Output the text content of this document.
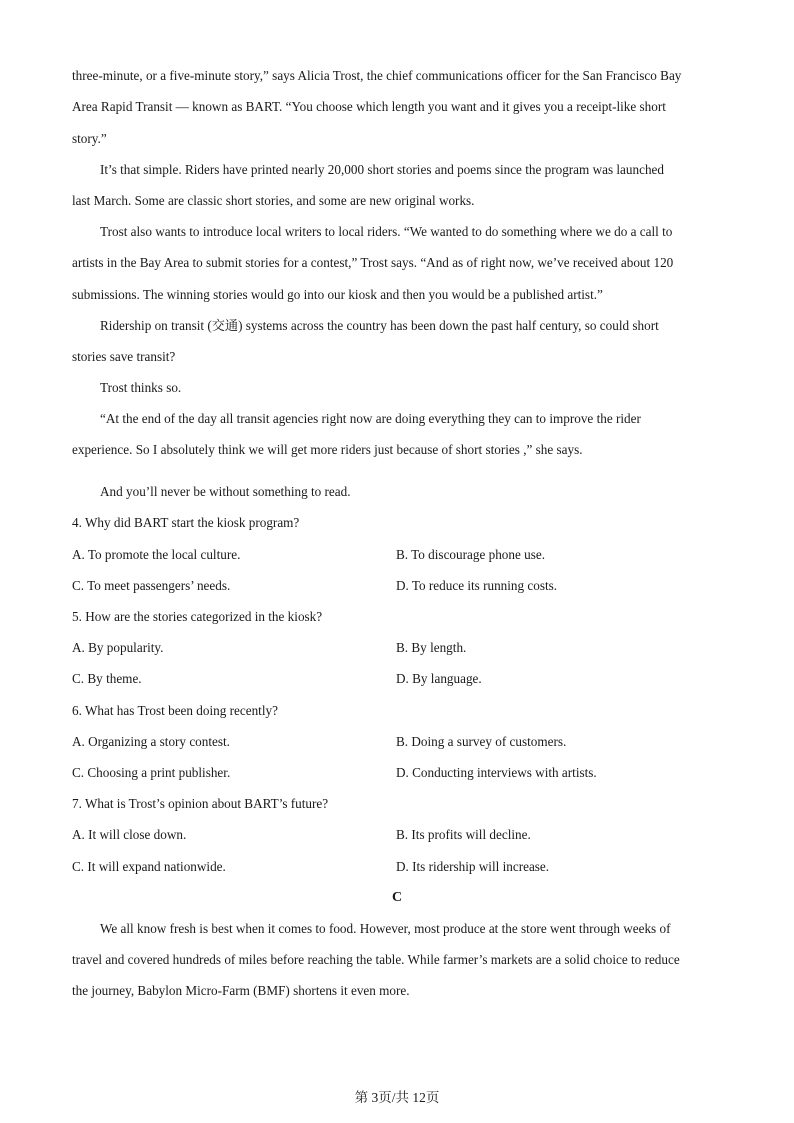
three-minute, or a five-minute story,” says Alicia Trost, the chief communications officer for the San Francisco Bay
Area Rapid Transit — known as BART. “You choose which length you want and it gives you a receipt-like short
story.”
It’s that simple. Riders have printed nearly 20,000 short stories and poems since the program was launched
last March. Some are classic short stories, and some are new original works.
Trost also wants to introduce local writers to local riders. “We wanted to do something where we do a call to
artists in the Bay Area to submit stories for a contest,” Trost says. “And as of right now, we’ve received about 120
submissions. The winning stories would go into our kiosk and then you would be a published artist.”
Ridership on transit (交通) systems across the country has been down the past half century, so could short
stories save transit?
Trost thinks so.
“At the end of the day all transit agencies right now are doing everything they can to improve the rider
experience. So I absolutely think we will get more riders just because of short stories ,” she says.
And you’ll never be without something to read.
4. Why did BART start the kiosk program?
A. To promote the local culture.	B. To discourage phone use.
C. To meet passengers’ needs.	D. To reduce its running costs.
5. How are the stories categorized in the kiosk?
A. By popularity.	B. By length.
C. By theme.	D. By language.
6. What has Trost been doing recently?
A. Organizing a story contest.	B. Doing a survey of customers.
C. Choosing a print publisher.	D. Conducting interviews with artists.
7. What is Trost’s opinion about BART’s future?
A. It will close down.	B. Its profits will decline.
C. It will expand nationwide.	D. Its ridership will increase.
C
We all know fresh is best when it comes to food. However, most produce at the store went through weeks of
travel and covered hundreds of miles before reaching the table. While farmer’s markets are a solid choice to reduce
the journey, Babylon Micro-Farm (BMF) shortens it even more.
第 3页/共 12页
